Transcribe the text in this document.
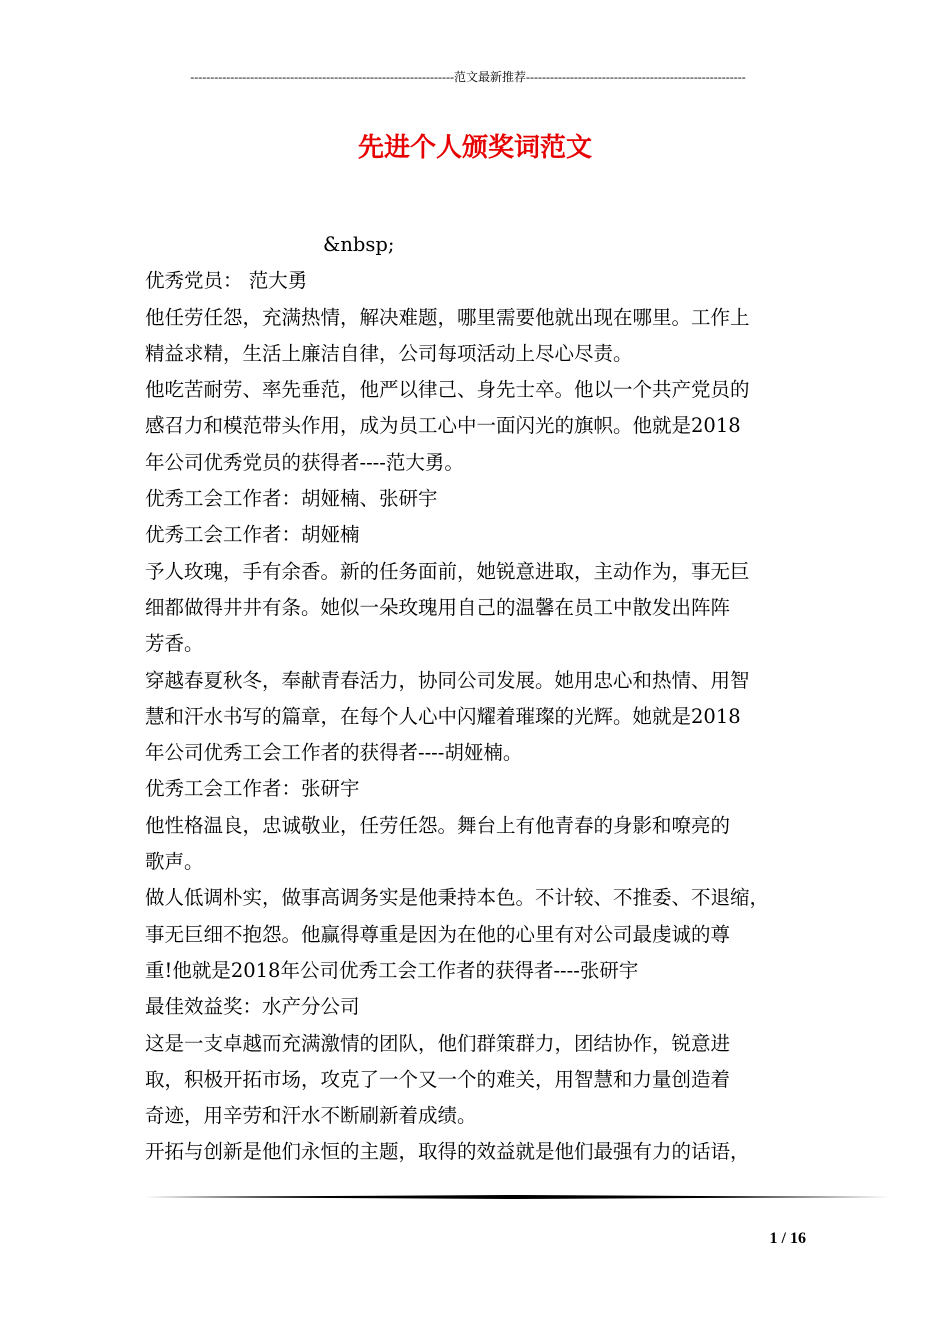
------------------------------------------------------------------范文最新推荐-------------------------------------------------------
先进个人颁奖词范文

&nbsp;

优秀党员： 范大勇

他任劳任怨，充满热情，解决难题，哪里需要他就出现在哪里。工作上

精益求精，生活上廉洁自律，公司每项活动上尽心尽责。

他吃苦耐劳、率先垂范，他严以律己、身先士卒。他以一个共产党员的

感召力和模范带头作用，成为员工心中一面闪光的旗帜。他就是2018

年公司优秀党员的获得者----范大勇。

优秀工会工作者：胡娅楠、张研宇

优秀工会工作者：胡娅楠

予人玫瑰，手有余香。新的任务面前，她锐意进取，主动作为，事无巨

细都做得井井有条。她似一朵玫瑰用自己的温馨在员工中散发出阵阵

芳香。

穿越春夏秋冬，奉献青春活力，协同公司发展。她用忠心和热情、用智

慧和汗水书写的篇章，在每个人心中闪耀着璀璨的光辉。她就是2018

年公司优秀工会工作者的获得者----胡娅楠。

优秀工会工作者：张研宇

他性格温良，忠诚敬业，任劳任怨。舞台上有他青春的身影和嘹亮的

歌声。

做人低调朴实，做事高调务实是他秉持本色。不计较、不推委、不退缩，

事无巨细不抱怨。他赢得尊重是因为在他的心里有对公司最虔诚的尊

重!他就是2018年公司优秀工会工作者的获得者----张研宇

最佳效益奖：水产分公司

这是一支卓越而充满激情的团队，他们群策群力，团结协作，锐意进

取，积极开拓市场，攻克了一个又一个的难关，用智慧和力量创造着

奇迹，用辛劳和汗水不断刷新着成绩。

开拓与创新是他们永恒的主题，取得的效益就是他们最强有力的话语，

1 / 16
